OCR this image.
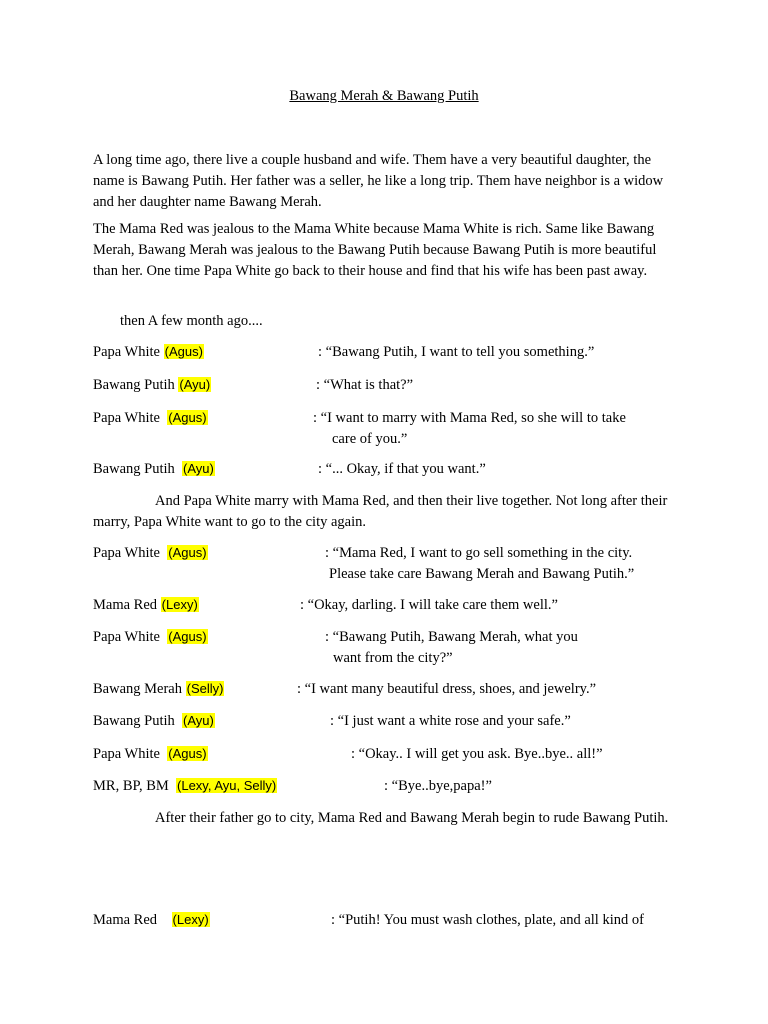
Bawang Merah & Bawang Putih
A long time ago, there live a couple husband and wife. Them have a very beautiful daughter, the name is Bawang Putih. Her father was a seller, he like a long trip. Them have neighbor is a widow and her daughter name Bawang Merah.
The Mama Red was jealous to the Mama White because Mama White is rich. Same like Bawang Merah, Bawang Merah was jealous to the Bawang Putih because Bawang Putih is more beautiful than her. One time Papa White go back to their house and find that his wife has been past away.
then A few month ago....
Papa White (Agus)	: “Bawang Putih, I want to tell you something.”
Bawang Putih (Ayu)	: “What is that?”
Papa White (Agus)	: “I want to marry with Mama Red, so she will to take
care of you.”
Bawang Putih (Ayu)	: “... Okay, if that you want.”
And Papa White marry with Mama Red, and then their live together. Not long after their marry, Papa White want to go to the city again.
Papa White (Agus)	: “Mama Red, I want to go sell something in the city.
Please take care Bawang Merah and Bawang Putih.”
Mama Red (Lexy)	: “Okay, darling. I will take care them well.”
Papa White (Agus)	: “Bawang Putih, Bawang Merah, what you
want from the city?”
Bawang Merah (Selly)	: “I want many beautiful dress, shoes, and jewelry.”
Bawang Putih (Ayu)	: “I just want a white rose and your safe.”
Papa White (Agus)	: “Okay.. I will get you ask. Bye..bye.. all!”
MR, BP, BM (Lexy, Ayu, Selly)	: “Bye..bye,papa!”
After their father go to city, Mama Red and Bawang Merah begin to rude Bawang Putih.
Mama Red (Lexy)	: “Putih! You must wash clothes, plate, and all kind of
